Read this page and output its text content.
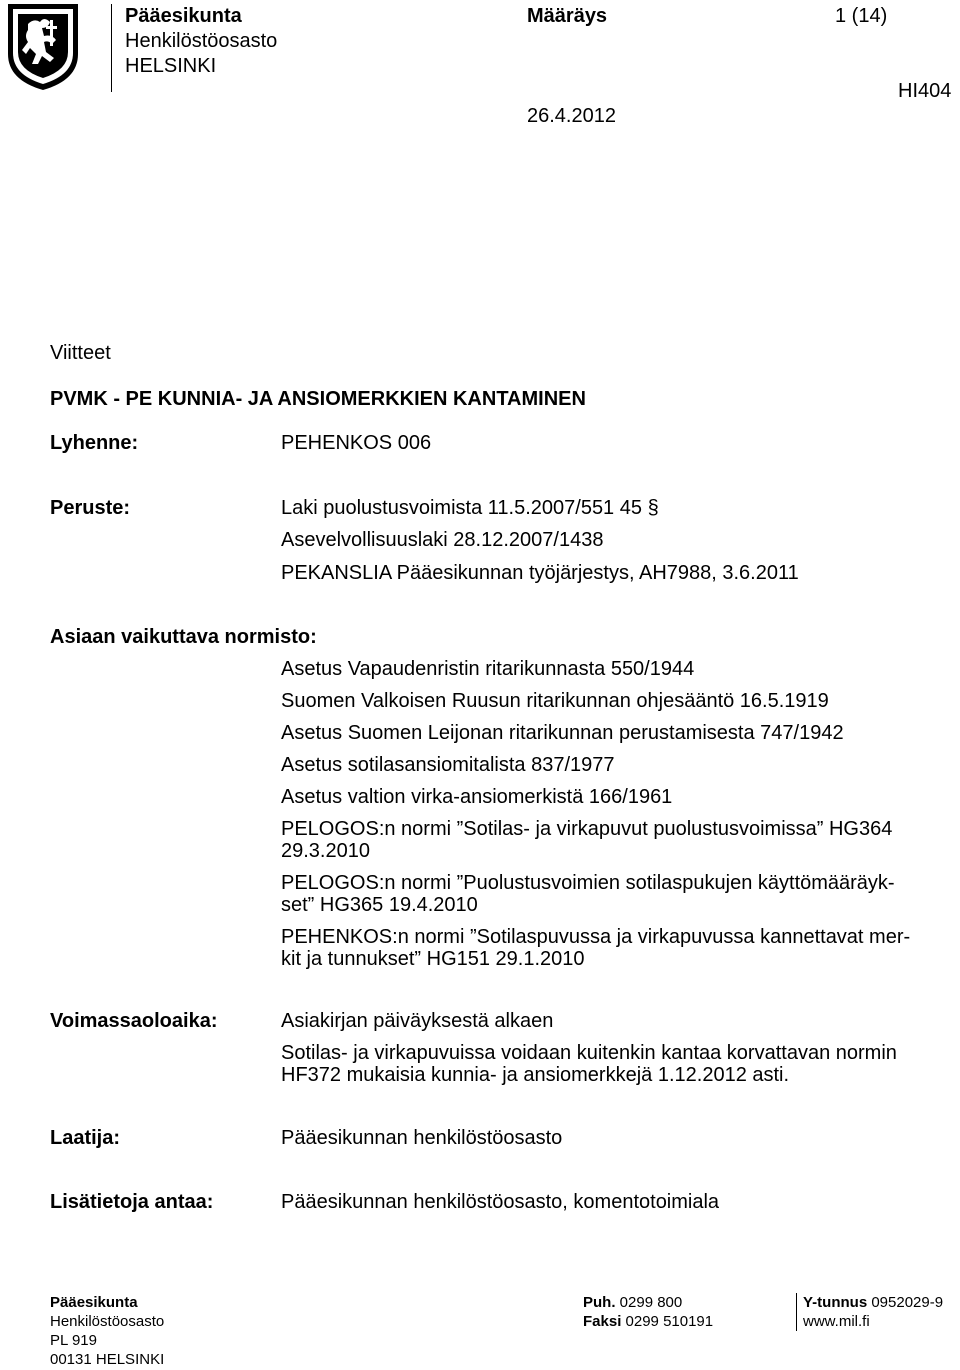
Pääesikunta
Henkilöstöosasto
HELSINKI
Määräys	1 (14)
HI404
26.4.2012
Viitteet
PVMK - PE KUNNIA- JA ANSIOMERKKIEN KANTAMINEN
Lyhenne:	PEHENKOS 006
Peruste:	Laki puolustusvoimista 11.5.2007/551 45 §
Asevelvollisuuslaki 28.12.2007/1438
PEKANSLIA Pääesikunnan työjärjestys, AH7988, 3.6.2011
Asiaan vaikuttava normisto:
Asetus Vapaudenristin ritarikunnasta 550/1944
Suomen Valkoisen Ruusun ritarikunnan ohjesääntö 16.5.1919
Asetus Suomen Leijonan ritarikunnan perustamisesta 747/1942
Asetus sotilasansiomitalista 837/1977
Asetus valtion virka-ansiomerkistä 166/1961
PELOGOS:n normi ”Sotilas- ja virkapuvut puolustusvoimissa” HG364
29.3.2010
PELOGOS:n normi ”Puolustusvoimien sotilaspukujen käyttömääräyk-
set” HG365 19.4.2010
PEHENKOS:n normi ”Sotilaspuvussa ja virkapuvussa kannettavat mer-
kit ja tunnukset” HG151 29.1.2010
Voimassaoloaika:	Asiakirjan päiväyksestä alkaen
Sotilas- ja virkapuvuissa voidaan kuitenkin kantaa korvattavan normin
HF372 mukaisia kunnia- ja ansiomerkkejä 1.12.2012 asti.
Laatija:	Pääesikunnan henkilöstöosasto
Lisätietoja antaa:	Pääesikunnan henkilöstöosasto, komentotoimiala
Pääesikunta
Henkilöstöosasto
PL 919
00131 HELSINKI
Puh. 0299 800
Faksi 0299 510191
Y-tunnus 0952029-9
www.mil.fi
